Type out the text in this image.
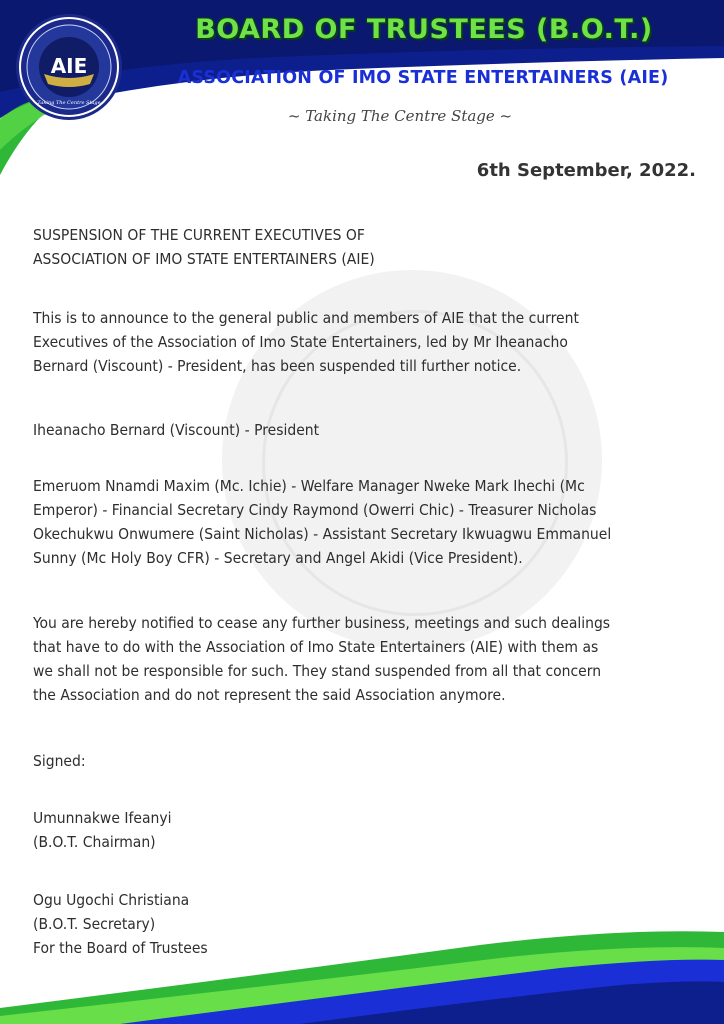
AIE
Taking The Centre Stage
BOARD OF TRUSTEES (B.O.T.)
ASSOCIATION OF IMO STATE ENTERTAINERS (AIE)
~ Taking The Centre Stage ~
6th September, 2022.
SUSPENSION OF THE CURRENT EXECUTIVES OF
ASSOCIATION OF IMO STATE ENTERTAINERS (AIE)
This is to announce to the general public and members of AIE that the current
Executives of the Association of Imo State Entertainers, led by Mr Iheanacho
Bernard (Viscount) - President, has been suspended till further notice.
Iheanacho Bernard (Viscount) - President
Emeruom Nnamdi Maxim (Mc. Ichie) - Welfare Manager Nweke Mark Ihechi (Mc
Emperor) - Financial Secretary Cindy Raymond (Owerri Chic) - Treasurer Nicholas
Okechukwu Onwumere (Saint Nicholas) - Assistant Secretary Ikwuagwu Emmanuel
Sunny (Mc Holy Boy CFR) - Secretary and Angel Akidi (Vice President).
You are hereby notified to cease any further business, meetings and such dealings
that have to do with the Association of Imo State Entertainers (AIE) with them as
we shall not be responsible for such. They stand suspended from all that concern
the Association and do not represent the said Association anymore.
Signed:
Umunnakwe Ifeanyi
(B.O.T. Chairman)
Ogu Ugochi Christiana
(B.O.T. Secretary)
For the Board of Trustees
